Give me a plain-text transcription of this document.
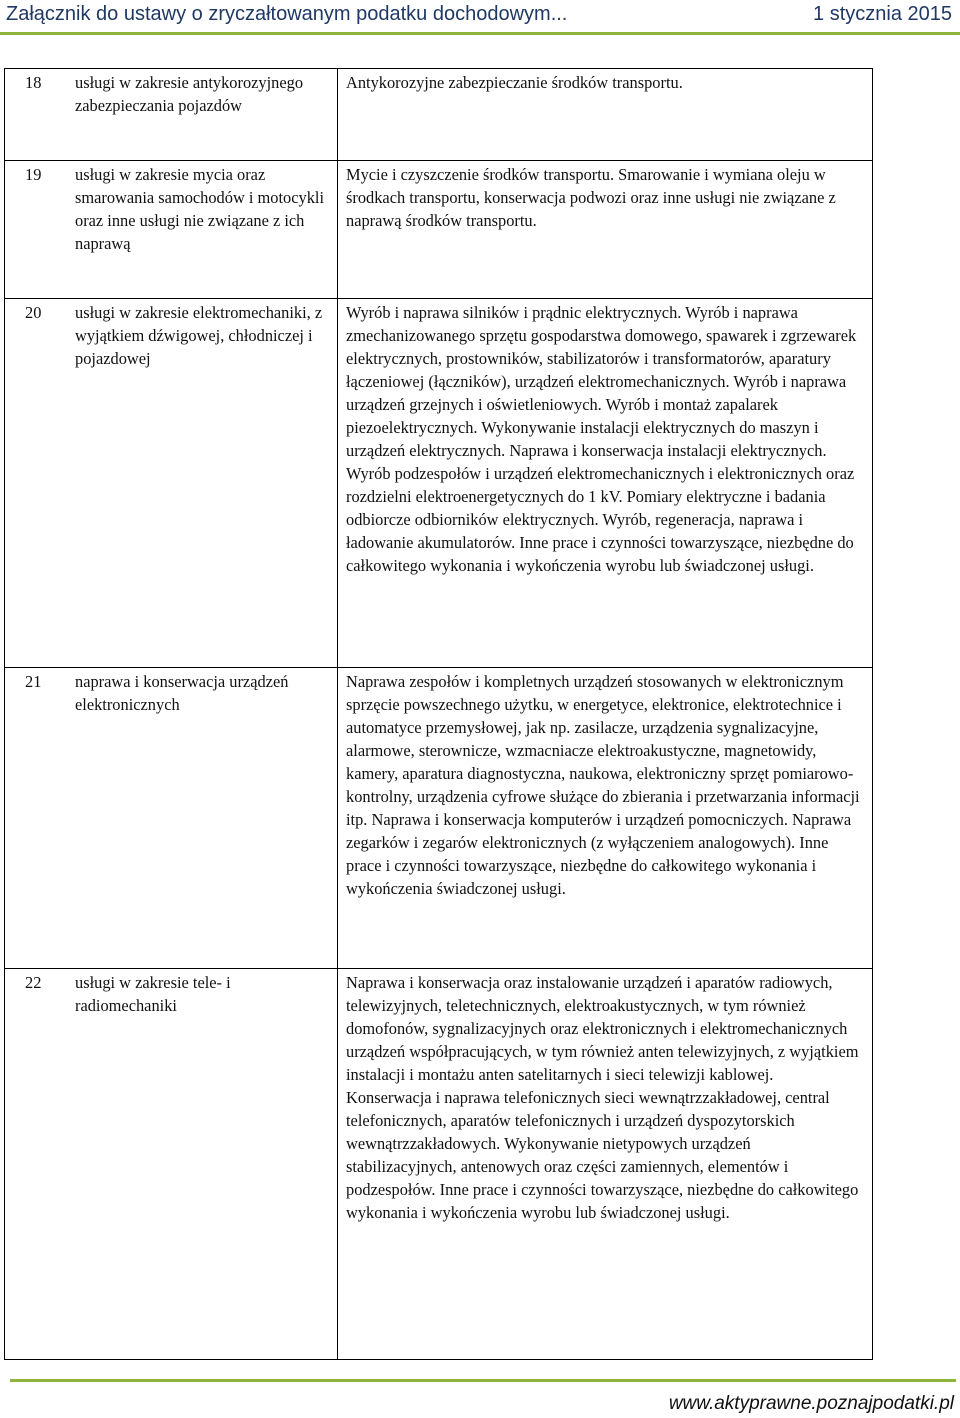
Załącznik do ustawy o zryczałtowanym podatku dochodowym...	1 stycznia 2015
18 usługi w zakresie antykorozyjnego zabezpieczania pojazdów	Antykorozyjne zabezpieczanie środków transportu.

19 usługi w zakresie mycia oraz smarowania samochodów i motocykli oraz inne usługi nie związane z ich naprawą	Mycie i czyszczenie środków transportu. Smarowanie i wymiana oleju w środkach transportu, konserwacja podwozi oraz inne usługi nie związane z naprawą środków transportu.

20 usługi w zakresie elektromechaniki, z wyjątkiem dźwigowej, chłodniczej i pojazdowej	Wyrób i naprawa silników i prądnic elektrycznych. Wyrób i naprawa zmechanizowanego sprzętu gospodarstwa domowego, spawarek i zgrzewarek elektrycznych, prostowników, stabilizatorów i transformatorów, aparatury łączeniowej (łączników), urządzeń elektromechanicznych. Wyrób i naprawa urządzeń grzejnych i oświetleniowych. Wyrób i montaż zapalarek piezoelektrycznych. Wykonywanie instalacji elektrycznych do maszyn i urządzeń elektrycznych. Naprawa i konserwacja instalacji elektrycznych. Wyrób podzespołów i urządzeń elektromechanicznych i elektronicznych oraz rozdzielni elektroenergetycznych do 1 kV. Pomiary elektryczne i badania odbiorcze odbiorników elektrycznych. Wyrób, regeneracja, naprawa i ładowanie akumulatorów. Inne prace i czynności towarzyszące, niezbędne do całkowitego wykonania i wykończenia wyrobu lub świadczonej usługi.

21 naprawa i konserwacja urządzeń elektronicznych	Naprawa zespołów i kompletnych urządzeń stosowanych w elektronicznym sprzęcie powszechnego użytku, w energetyce, elektronice, elektrotechnice i automatyce przemysłowej, jak np. zasilacze, urządzenia sygnalizacyjne, alarmowe, sterownicze, wzmacniacze elektroakustyczne, magnetowidy, kamery, aparatura diagnostyczna, naukowa, elektroniczny sprzęt pomiarowo-kontrolny, urządzenia cyfrowe służące do zbierania i przetwarzania informacji itp. Naprawa i konserwacja komputerów i urządzeń pomocniczych. Naprawa zegarków i zegarów elektronicznych (z wyłączeniem analogowych). Inne prace i czynności towarzyszące, niezbędne do całkowitego wykonania i wykończenia świadczonej usługi.

22 usługi w zakresie tele- i radiomechaniki	Naprawa i konserwacja oraz instalowanie urządzeń i aparatów radiowych, telewizyjnych, teletechnicznych, elektroakustycznych, w tym również domofonów, sygnalizacyjnych oraz elektronicznych i elektromechanicznych urządzeń współpracujących, w tym również anten telewizyjnych, z wyjątkiem instalacji i montażu anten satelitarnych i sieci telewizji kablowej. Konserwacja i naprawa telefonicznych sieci wewnątrzzakładowej, central telefonicznych, aparatów telefonicznych i urządzeń dyspozytorskich wewnątrzzakładowych. Wykonywanie nietypowych urządzeń stabilizacyjnych, antenowych oraz części zamiennych, elementów i podzespołów. Inne prace i czynności towarzyszące, niezbędne do całkowitego wykonania i wykończenia wyrobu lub świadczonej usługi.
www.aktyprawne.poznajpodatki.pl
